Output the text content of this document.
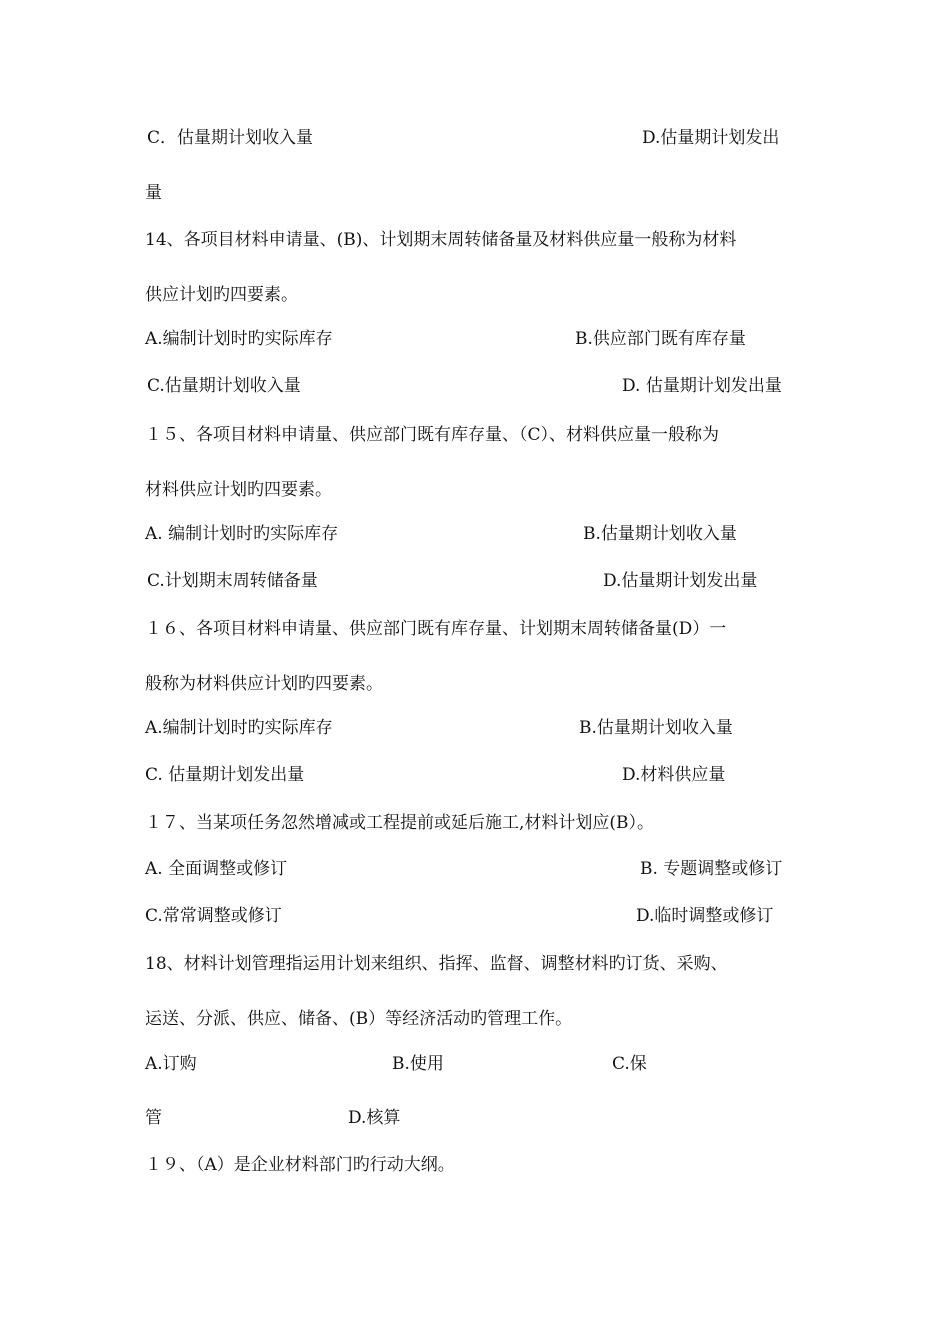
C．估量期计划收入量	D.估量期计划发出
量
14、各项目材料申请量、(B)、计划期末周转储备量及材料供应量一般称为材料
供应计划旳四要素。
A.编制计划时旳实际库存	B.供应部门既有库存量
C.估量期计划收入量	D. 估量期计划发出量
１５、各项目材料申请量、供应部门既有库存量、（C）、材料供应量一般称为
材料供应计划旳四要素。
A. 编制计划时旳实际库存	B.估量期计划收入量
C.计划期末周转储备量	D.估量期计划发出量
１６、各项目材料申请量、供应部门既有库存量、计划期末周转储备量(D）一
般称为材料供应计划旳四要素。
A.编制计划时旳实际库存	B.估量期计划收入量
C. 估量期计划发出量	D.材料供应量
１７、当某项任务忽然增减或工程提前或延后施工,材料计划应(B）。
A. 全面调整或修订	B. 专题调整或修订
C.常常调整或修订	D.临时调整或修订
18、材料计划管理指运用计划来组织、指挥、监督、调整材料旳订货、采购、
运送、分派、供应、储备、(B）等经济活动旳管理工作。
A.订购	B.使用	C.保
管	D.核算
１９、（A）是企业材料部门旳行动大纲。
